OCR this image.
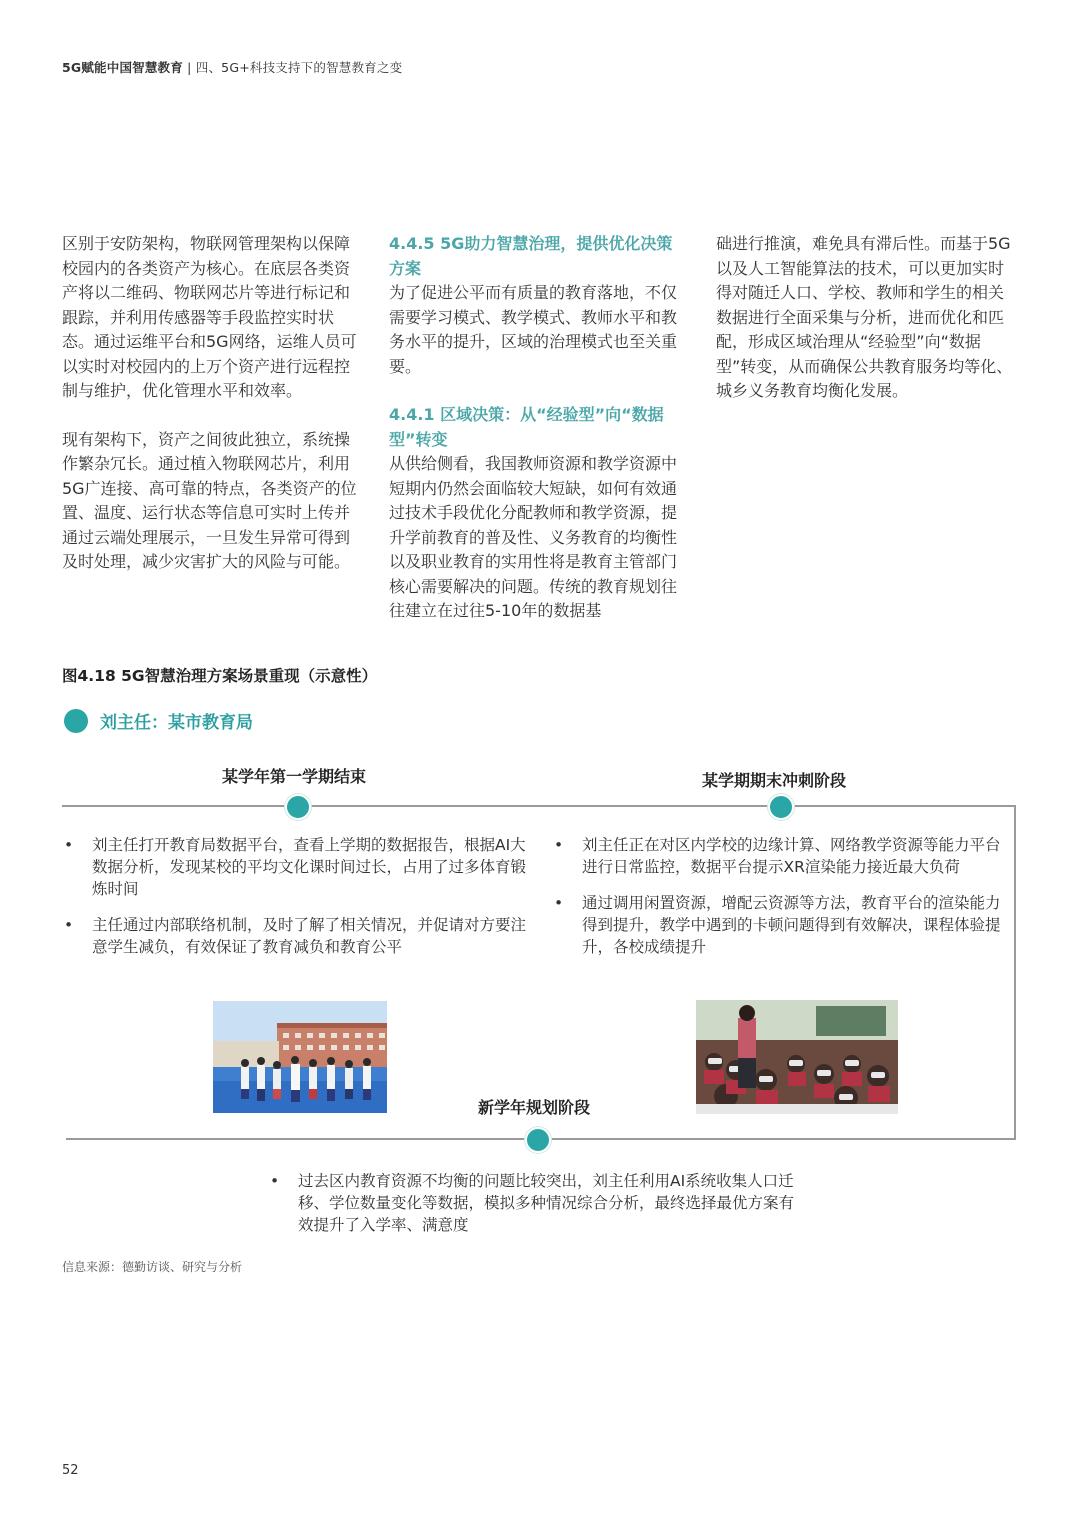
5G赋能中国智慧教育 | 四、5G+科技支持下的智慧教育之变

区别于安防架构，物联网管理架构以保障校园内的各类资产为核心。在底层各类资产将以二维码、物联网芯片等进行标记和跟踪，并利用传感器等手段监控实时状态。通过运维平台和5G网络，运维人员可以实时对校园内的上万个资产进行远程控制与维护，优化管理水平和效率。

现有架构下，资产之间彼此独立，系统操作繁杂冗长。通过植入物联网芯片，利用5G广连接、高可靠的特点，各类资产的位置、温度、运行状态等信息可实时上传并通过云端处理展示，一旦发生异常可得到及时处理，减少灾害扩大的风险与可能。

4.4.5 5G助力智慧治理，提供优化决策方案

为了促进公平而有质量的教育落地，不仅需要学习模式、教学模式、教师水平和教务水平的提升，区域的治理模式也至关重要。

4.4.1 区域决策：从“经验型”向“数据型”转变

从供给侧看，我国教师资源和教学资源中短期内仍然会面临较大短缺，如何有效通过技术手段优化分配教师和教学资源，提升学前教育的普及性、义务教育的均衡性以及职业教育的实用性将是教育主管部门核心需要解决的问题。传统的教育规划往往建立在过往5-10年的数据基

础进行推演，难免具有滞后性。而基于5G以及人工智能算法的技术，可以更加实时得对随迁人口、学校、教师和学生的相关数据进行全面采集与分析，进而优化和匹配，形成区域治理从“经验型”向“数据型”转变，从而确保公共教育服务均等化、城乡义务教育均衡化发展。

图4.18 5G智慧治理方案场景重现（示意性）
刘主任：某市教育局
某学年第一学期结束
• 刘主任打开教育局数据平台，查看上学期的数据报告，根据AI大数据分析，发现某校的平均文化课时间过长，占用了过多体育锻炼时间
• 主任通过内部联络机制，及时了解了相关情况，并促请对方要注意学生减负，有效保证了教育减负和教育公平
某学期期末冲刺阶段
• 刘主任正在对区内学校的边缘计算、网络教学资源等能力平台进行日常监控，数据平台提示XR渲染能力接近最大负荷
• 通过调用闲置资源，增配云资源等方法，教育平台的渲染能力得到提升，教学中遇到的卡顿问题得到有效解决，课程体验提升，各校成绩提升
新学年规划阶段
• 过去区内教育资源不均衡的问题比较突出，刘主任利用AI系统收集人口迁移、学位数量变化等数据，模拟多种情况综合分析，最终选择最优方案有效提升了入学率、满意度
信息来源：德勤访谈、研究与分析
52
